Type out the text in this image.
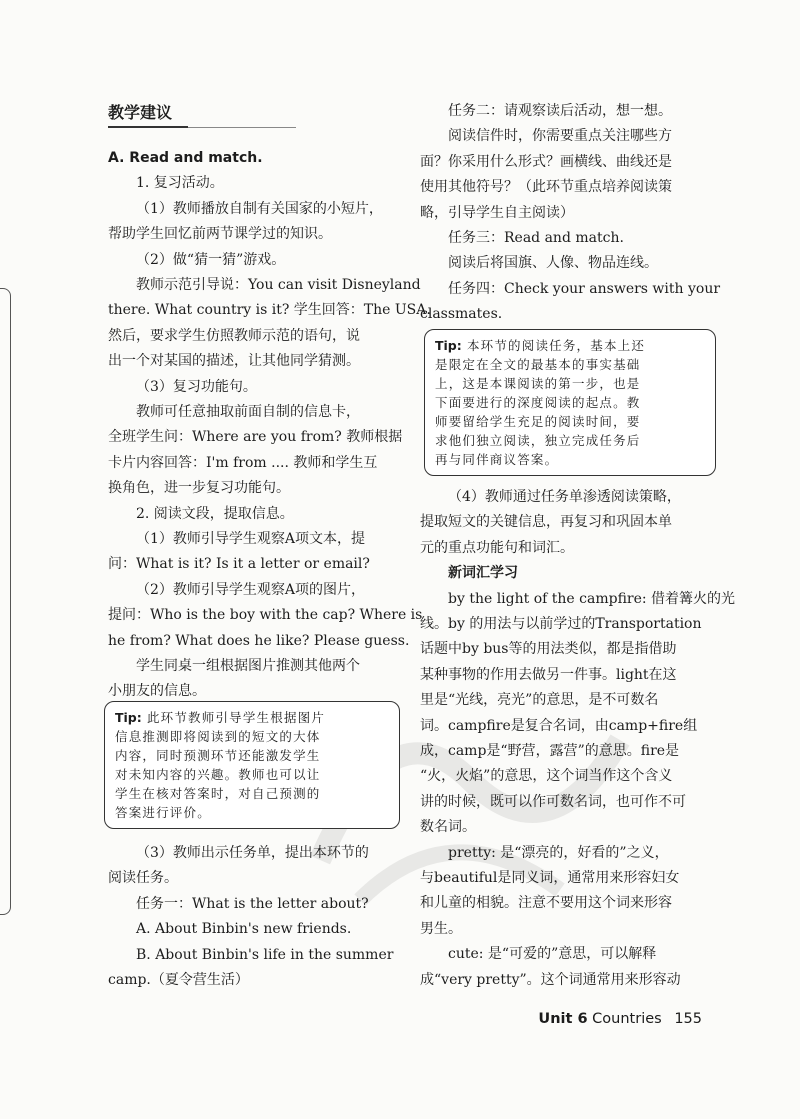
教学建议
A. Read and match.
1. 复习活动。
（1）教师播放自制有关国家的小短片，
帮助学生回忆前两节课学过的知识。
（2）做“猜一猜”游戏。
教师示范引导说：You can visit Disneyland
there. What country is it? 学生回答：The USA.
然后，要求学生仿照教师示范的语句，说
出一个对某国的描述，让其他同学猜测。
（3）复习功能句。
教师可任意抽取前面自制的信息卡，
全班学生问：Where are you from? 教师根据
卡片内容回答：I'm from .... 教师和学生互
换角色，进一步复习功能句。
2. 阅读文段，提取信息。
（1）教师引导学生观察A项文本，提
问：What is it? Is it a letter or email?
（2）教师引导学生观察A项的图片，
提问：Who is the boy with the cap? Where is
he from? What does he like? Please guess.
学生同桌一组根据图片推测其他两个
小朋友的信息。
Tip: 此环节教师引导学生根据图片
信息推测即将阅读到的短文的大体
内容，同时预测环节还能激发学生
对未知内容的兴趣。教师也可以让
学生在核对答案时，对自己预测的
答案进行评价。
（3）教师出示任务单，提出本环节的
阅读任务。
任务一：What is the letter about?
A. About Binbin's new friends.
B. About Binbin's life in the summer
camp.（夏令营生活）
任务二：请观察读后活动，想一想。
阅读信件时，你需要重点关注哪些方
面？你采用什么形式？画横线、曲线还是
使用其他符号？（此环节重点培养阅读策
略，引导学生自主阅读）
任务三：Read and match.
阅读后将国旗、人像、物品连线。
任务四：Check your answers with your
classmates.
Tip: 本环节的阅读任务，基本上还
是限定在全文的最基本的事实基础
上，这是本课阅读的第一步，也是
下面要进行的深度阅读的起点。教
师要留给学生充足的阅读时间，要
求他们独立阅读，独立完成任务后
再与同伴商议答案。
（4）教师通过任务单渗透阅读策略，
提取短文的关键信息，再复习和巩固本单
元的重点功能句和词汇。
新词汇学习
by the light of the campfire: 借着篝火的光
线。by 的用法与以前学过的Transportation
话题中by bus等的用法类似，都是指借助
某种事物的作用去做另一件事。light在这
里是“光线，亮光”的意思，是不可数名
词。campfire是复合名词，由camp+fire组
成，camp是“野营，露营”的意思。fire是
“火，火焰”的意思，这个词当作这个含义
讲的时候，既可以作可数名词，也可作不可
数名词。
pretty: 是“漂亮的，好看的”之义，
与beautiful是同义词，通常用来形容妇女
和儿童的相貌。注意不要用这个词来形容
男生。
cute: 是“可爱的”意思，可以解释
成“very pretty”。这个词通常用来形容动
Unit 6 Countries 155
